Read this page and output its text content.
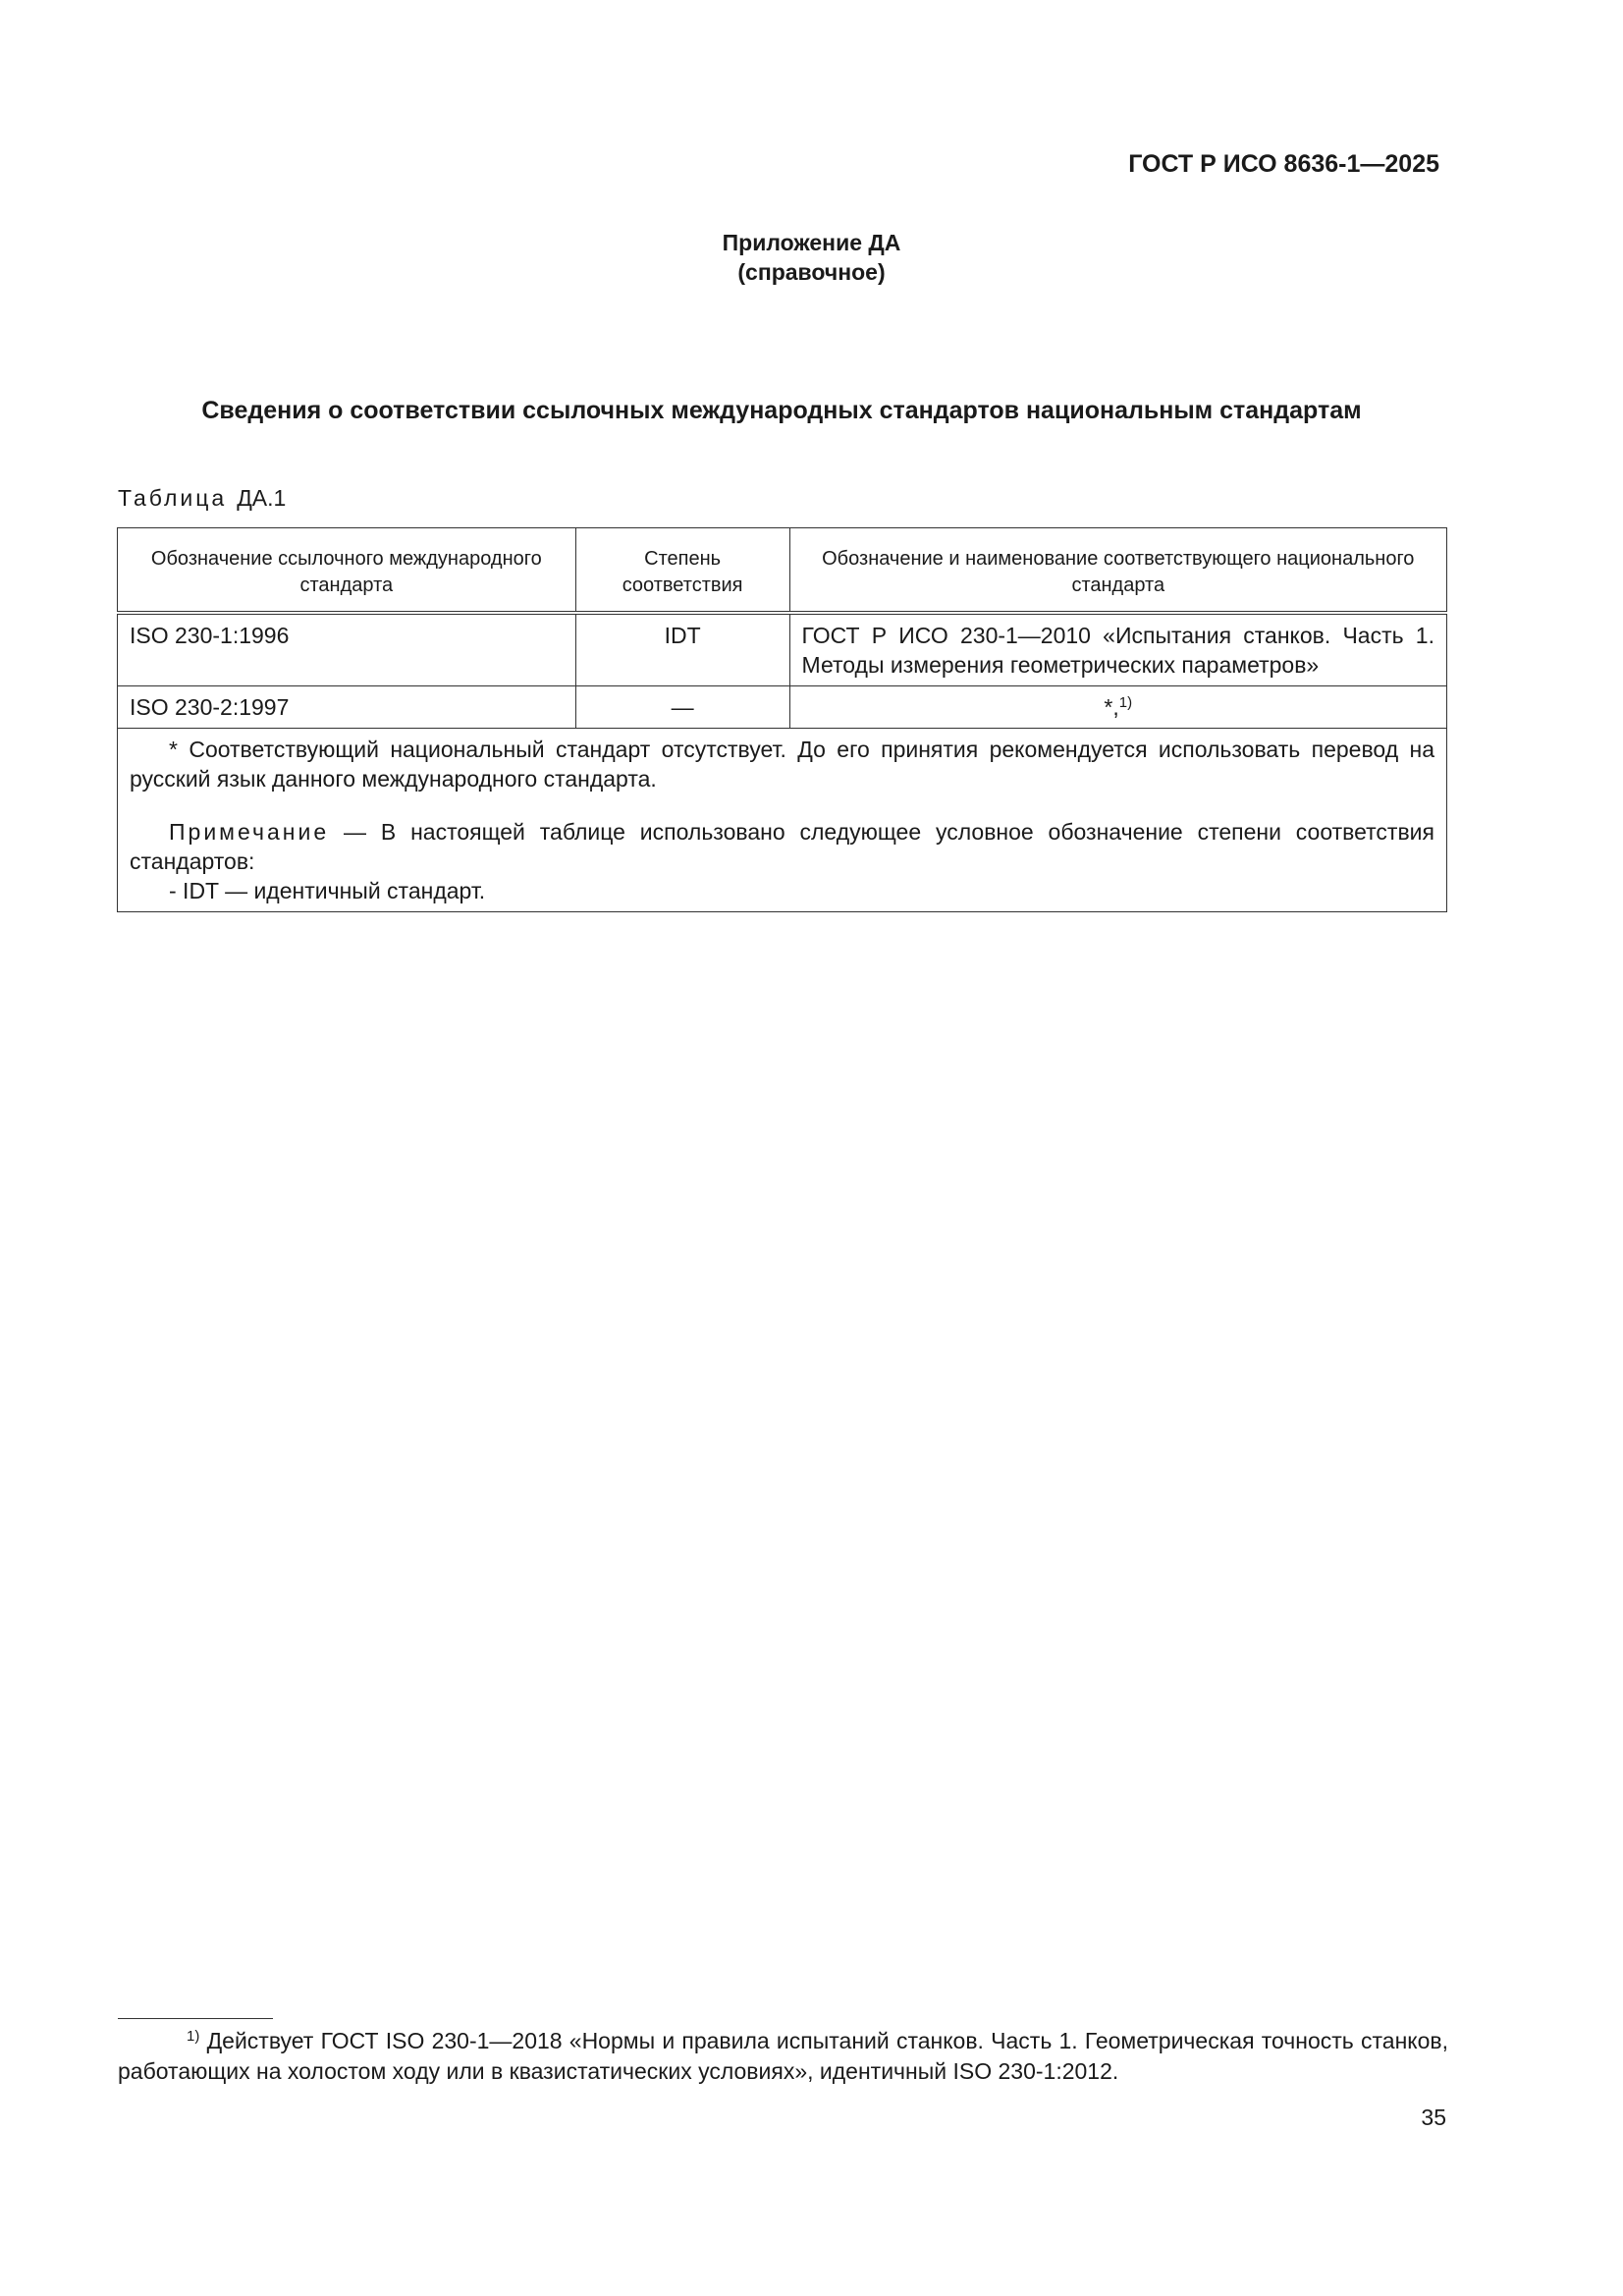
ГОСТ Р ИСО 8636-1—2025
Приложение ДА
(справочное)
Сведения о соответствии ссылочных международных стандартов национальным стандартам
Таблица ДА.1
Обозначение ссылочного международного стандарта	Степень соответствия	Обозначение и наименование соответствующего национального стандарта
ISO 230-1:1996	IDT	ГОСТ Р ИСО 230-1—2010 «Испытания станков. Часть 1. Методы измерения геометрических параметров»
ISO 230-2:1997	—	*,$^{1)}$

* Соответствующий национальный стандарт отсутствует. До его принятия рекомендуется использовать перевод на русский язык данного международного стандарта.

Примечание — В настоящей таблице использовано следующее условное обозначение степени соответствия стандартов:

- IDT — идентичный стандарт.		

$^{1)}$ Действует ГОСТ ISO 230-1—2018 «Нормы и правила испытаний станков. Часть 1. Геометрическая точность станков, работающих на холостом ходу или в квазистатических условиях», идентичный ISO 230-1:2012.
35
